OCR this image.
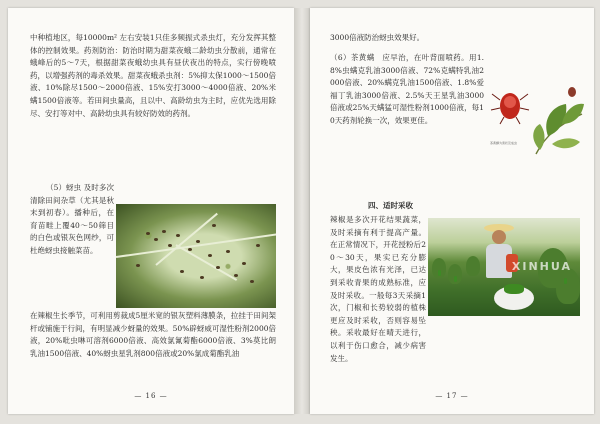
中种植地区，每10000m² 左右安装1只佳多频振式杀虫灯，充分发挥其整体的控制效果。药剂防治：防治时期为甜菜夜蛾二龄幼虫分散前，通常在蛾峰后的5～7天，根据甜菜夜蛾幼虫具有昼伏夜出的特点，实行傍晚喷药，以增强药剂的毒杀效果。甜菜夜蛾杀虫剂：5%抑太保1000～1500倍液、10%除尽1500～2000倍液、15%安打3000～4000倍液、20%米螨1500倍液等。若田间虫量高，且以中、高龄幼虫为主时，应优先选用除尽、安打等对中、高龄幼虫具有较好防效的药剂。

（5）蚜虫 及时多次清除田间杂草（尤其是秋末到初春）。播种后，在育苗畦上覆40～50筛目的白色或银灰色网纱，可杜绝蚜虫接触菜苗。

在辣椒生长季节，可利用剪裁成5厘米宽的银灰塑料薄膜条，拉挂于田间架杆或铺施于行间，有明显减少蚜量的效果。50%辟蚜威可湿性粉剂2000倍液，20%吡虫啉可溶剂6000倍液、高效氯氰菊酯6000倍液、3%莫比朗乳油1500倍液、40%蚜虫星乳剂800倍液或20%氯成菊酯乳油

— 16 —

3000倍液防治蚜虫效果好。

（6）茶黄螨　应早治，在叶背面喷药。用1.8%虫螨克乳油3000倍液、72%克螨特乳油2000倍液、20%螨克乳油1500倍液、1.8%爱福丁乳油3000倍液、2.5%天王星乳油3000倍液或25%天螨猛可湿性粉剂1000倍液，每10天药剂轮换一次，效果更佳。

茶黄螨为害状及成虫

四、适时采收

辣椒是多次开花结果蔬菜，及时采摘有利于提高产量。在正常情况下，开花授粉后20～30天，果实已充分膨大，果皮色浓有光泽，已达到采收青果的成熟标准，应及时采收。一般每3天采摘1次，门椒和长势较弱的植株更应及时采收，否则容易坠秧。采收最好在晴天进行，以利于伤口愈合，减少病害发生。

XINHUA
— 17 —
